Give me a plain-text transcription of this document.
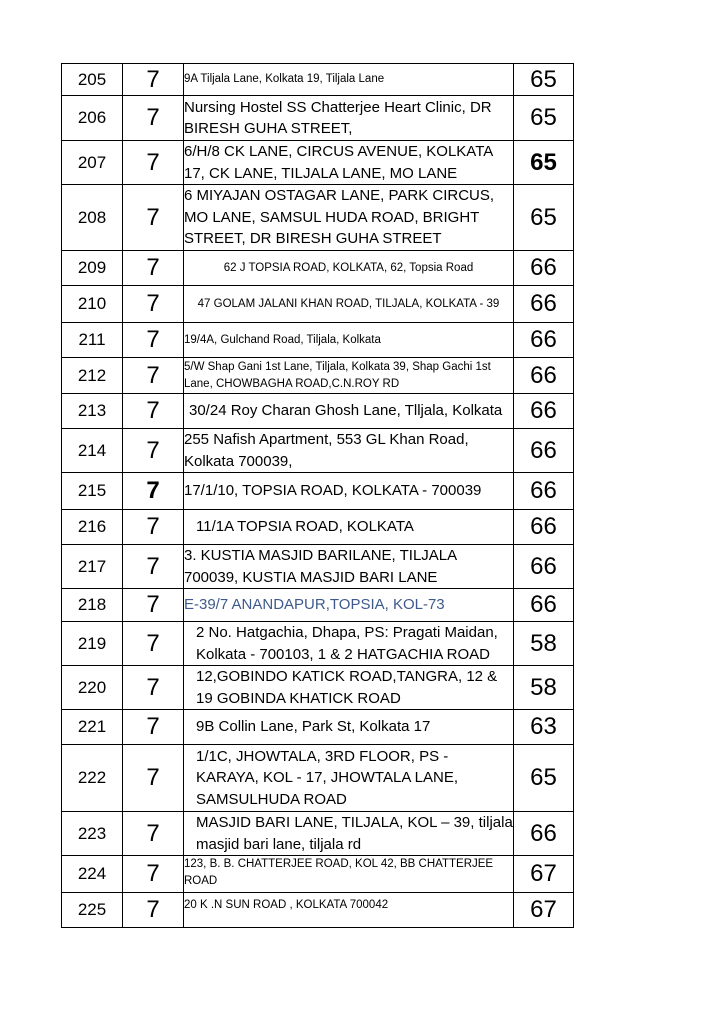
205	7	9A Tiljala Lane, Kolkata 19, Tiljala Lane	65
206	7	Nursing Hostel SS Chatterjee Heart Clinic, DR BIRESH GUHA STREET,	65
207	7	6/H/8 CK LANE, CIRCUS AVENUE, KOLKATA 17, CK LANE, TILJALA LANE, MO LANE	65
208	7	6 MIYAJAN OSTAGAR LANE, PARK CIRCUS, MO LANE, SAMSUL HUDA ROAD, BRIGHT STREET, DR BIRESH GUHA STREET	65
209	7	62 J TOPSIA ROAD, KOLKATA, 62, Topsia Road	66
210	7	47 GOLAM JALANI KHAN ROAD, TILJALA, KOLKATA - 39	66
211	7	19/4A, Gulchand Road, Tiljala, Kolkata	66
212	7	5/W Shap Gani 1st Lane, Tiljala, Kolkata 39, Shap Gachi 1st Lane, CHOWBAGHA ROAD,C.N.ROY RD	66
213	7	30/24 Roy Charan Ghosh Lane, Tlljala, Kolkata	66
214	7	255 Nafish Apartment, 553 GL Khan Road, Kolkata 700039,	66
215	7	17/1/10, TOPSIA ROAD, KOLKATA - 700039	66
216	7	11/1A TOPSIA ROAD, KOLKATA	66
217	7	3. KUSTIA MASJID BARILANE, TILJALA 700039, KUSTIA MASJID BARI LANE	66
218	7	E-39/7 ANANDAPUR,TOPSIA, KOL-73	66
219	7	2 No. Hatgachia, Dhapa, PS: Pragati Maidan, Kolkata - 700103, 1 & 2 HATGACHIA ROAD	58
220	7	12,GOBINDO KATICK ROAD,TANGRA, 12 & 19 GOBINDA KHATICK ROAD	58
221	7	9B Collin Lane, Park St, Kolkata 17	63
222	7	1/1C, JHOWTALA, 3RD FLOOR, PS - KARAYA, KOL - 17, JHOWTALA LANE, SAMSULHUDA ROAD	65
223	7	MASJID BARI LANE, TILJALA, KOL – 39, tiljala masjid bari lane, tiljala rd	66
224	7	123, B. B. CHATTERJEE ROAD, KOL 42, BB CHATTERJEE ROAD	67
225	7	20 K .N SUN ROAD , KOLKATA 700042	67
